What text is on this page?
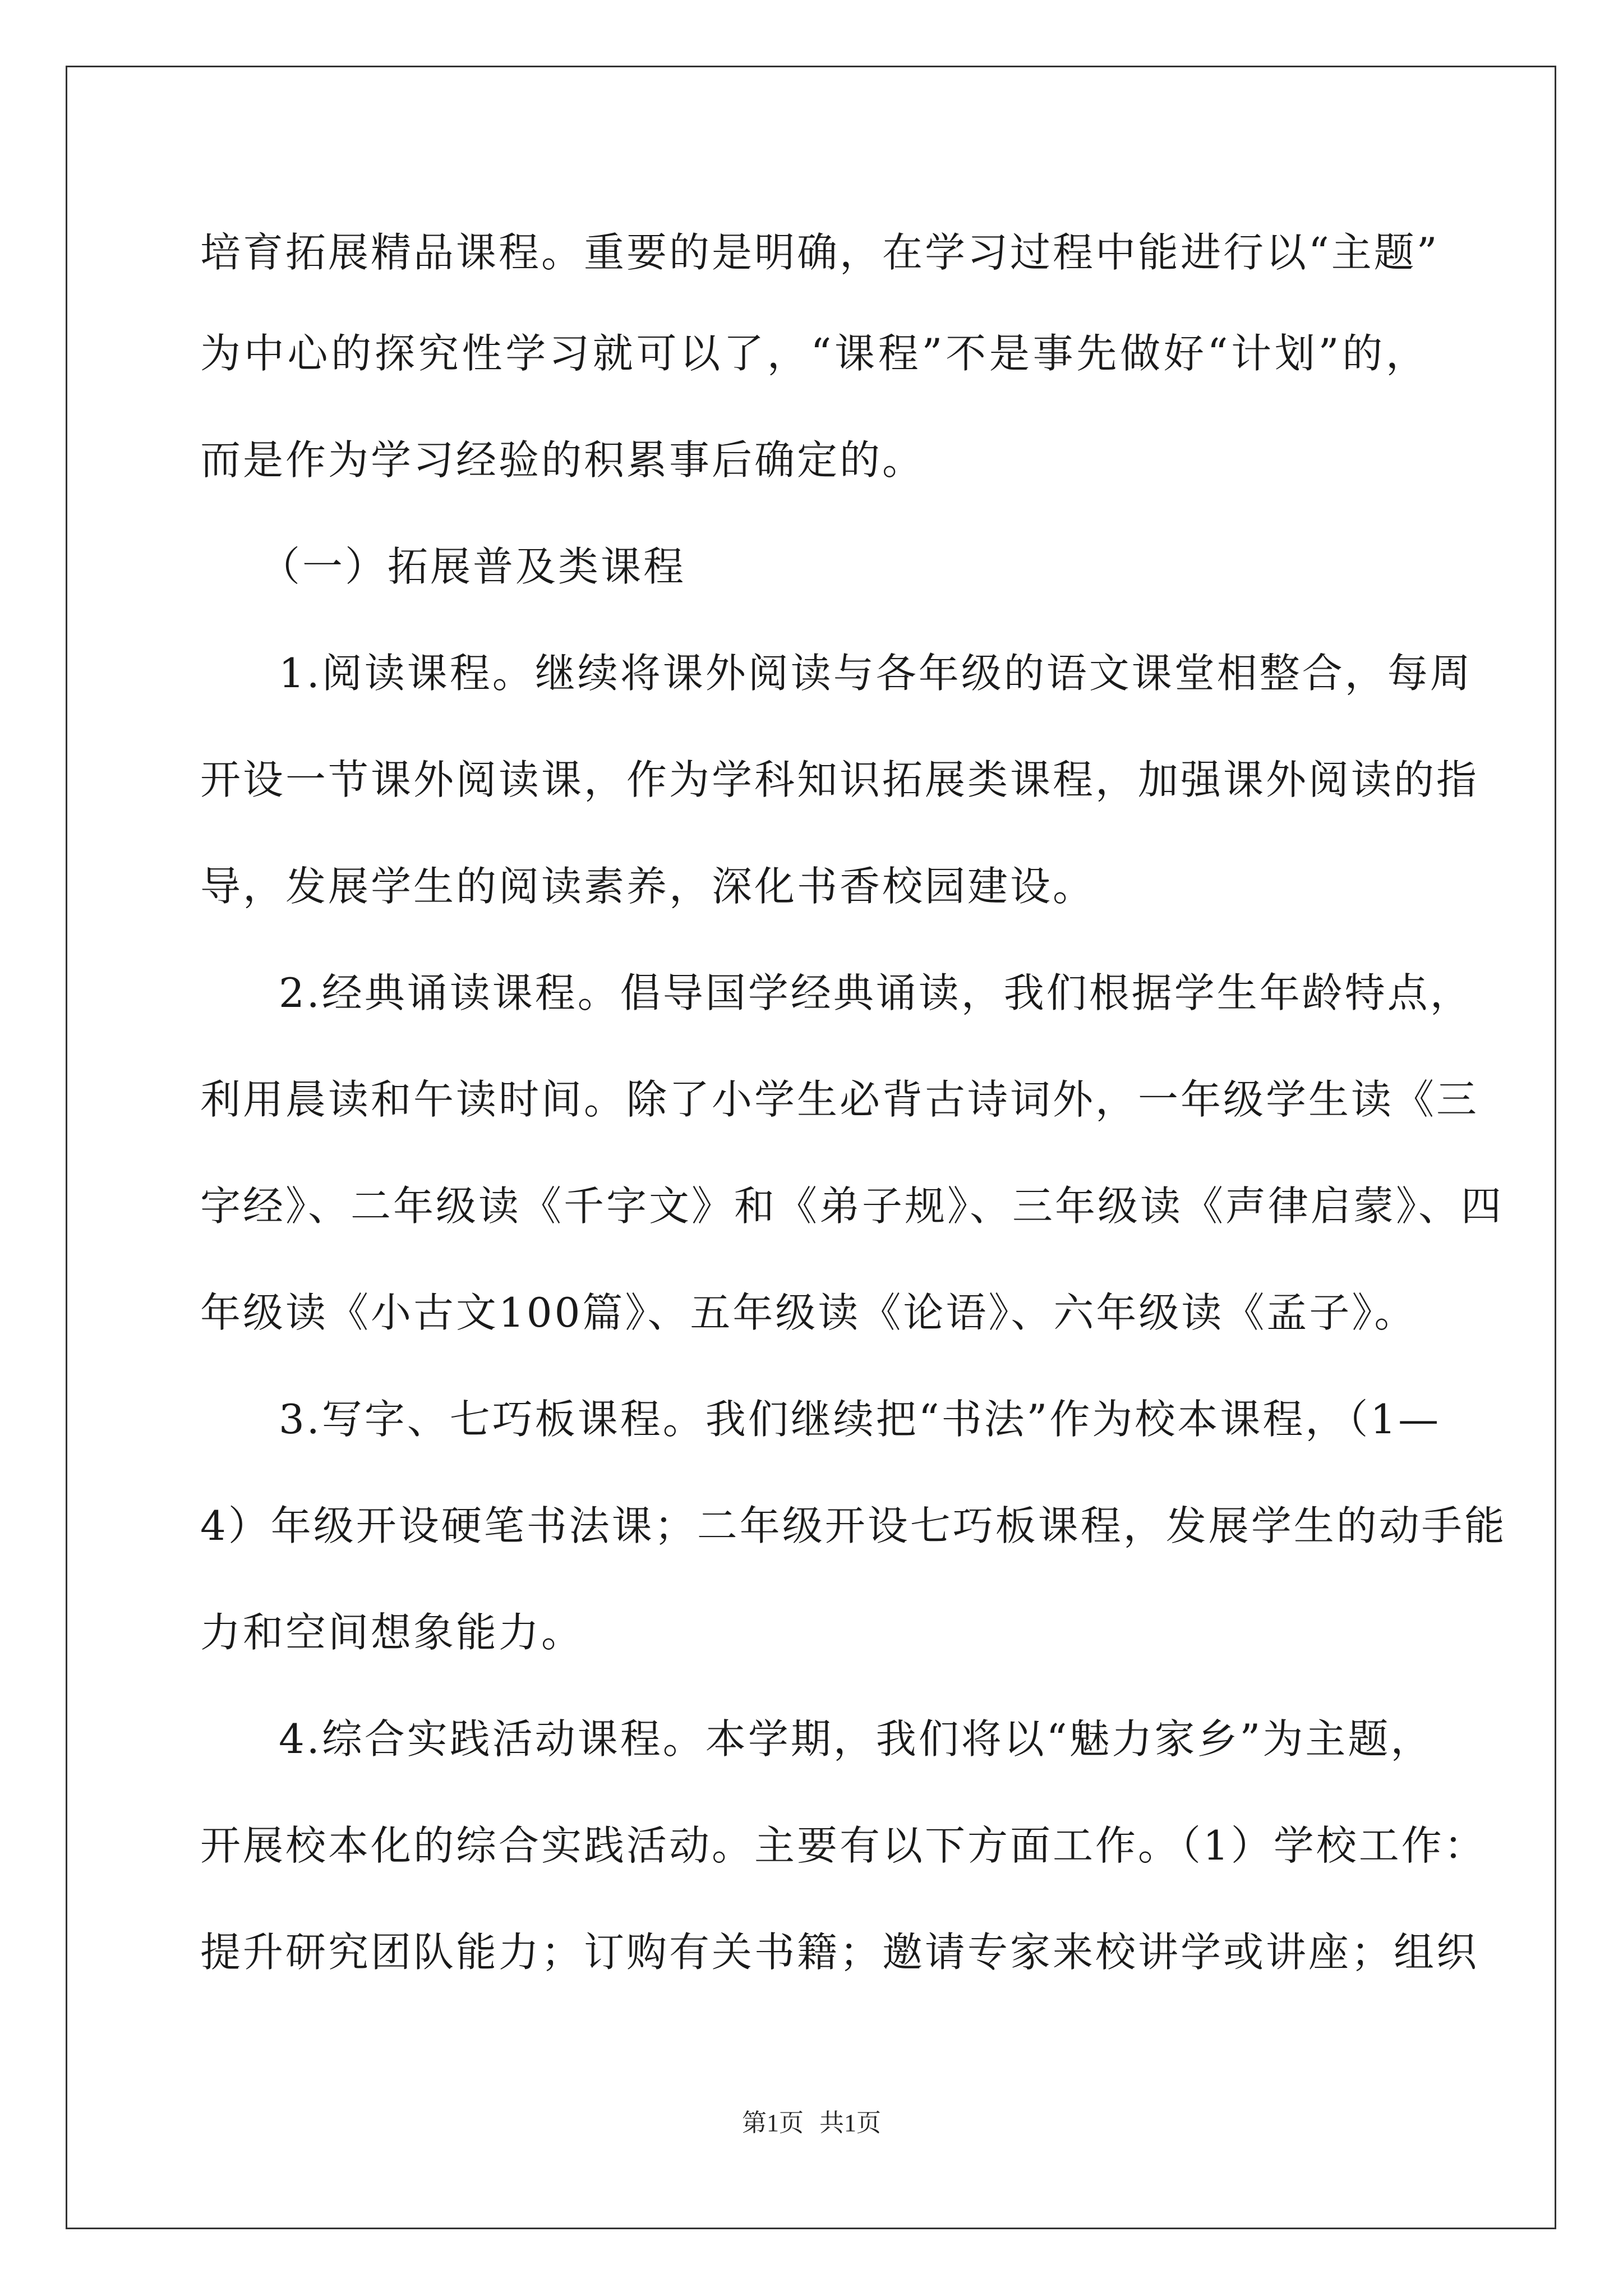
培育拓展精品课程。重要的是明确，在学习过程中能进行以“主题”
为中心的探究性学习就可以了，“课程”不是事先做好“计划”的，
而是作为学习经验的积累事后确定的。
（一）拓展普及类课程
1.阅读课程。继续将课外阅读与各年级的语文课堂相整合，每周
开设一节课外阅读课，作为学科知识拓展类课程，加强课外阅读的指
导，发展学生的阅读素养，深化书香校园建设。
2.经典诵读课程。倡导国学经典诵读，我们根据学生年龄特点，
利用晨读和午读时间。除了小学生必背古诗词外，一年级学生读《三
字经》、二年级读《千字文》和《弟子规》、三年级读《声律启蒙》、四
年级读《小古文100篇》、五年级读《论语》、六年级读《孟子》。
3.写字、七巧板课程。我们继续把“书法”作为校本课程，（1—
4）年级开设硬笔书法课；二年级开设七巧板课程，发展学生的动手能
力和空间想象能力。
4.综合实践活动课程。本学期，我们将以“魅力家乡”为主题，
开展校本化的综合实践活动。主要有以下方面工作。（1）学校工作：
提升研究团队能力；订购有关书籍；邀请专家来校讲学或讲座；组织
第1页 共1页
